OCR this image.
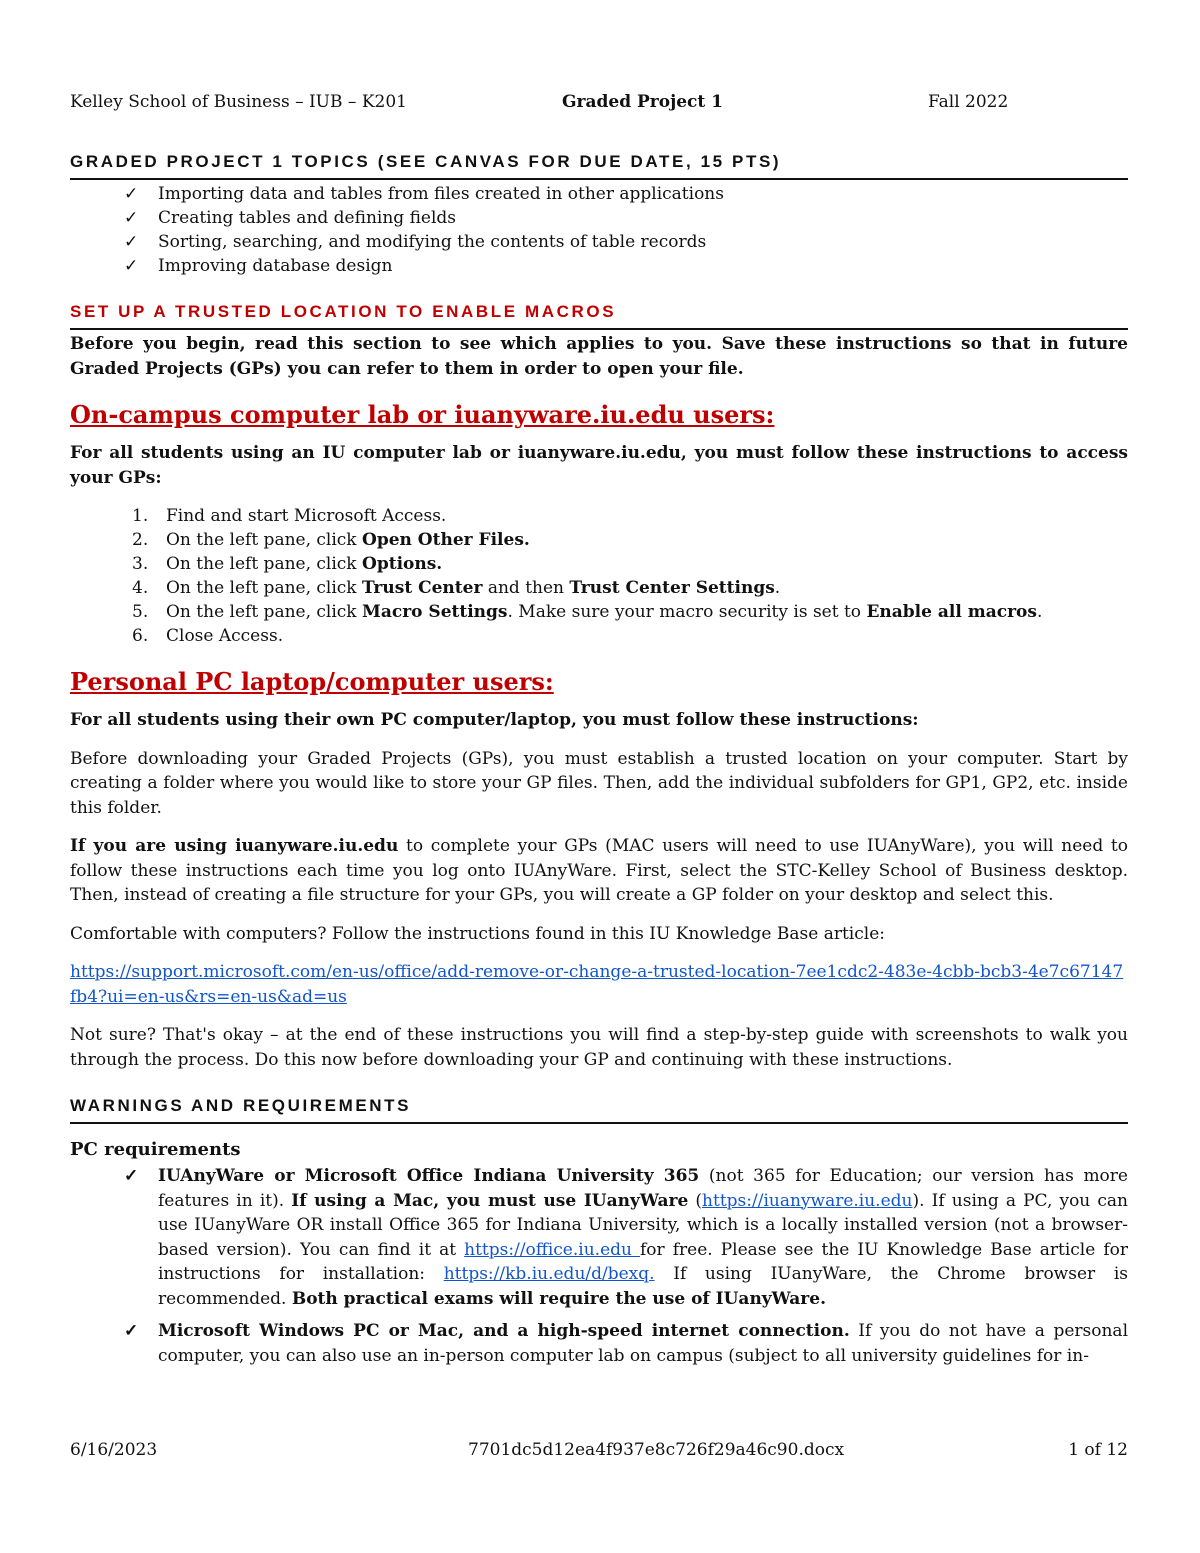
Kelley School of Business – IUB – K201	Graded Project 1	Fall 2022
GRADED PROJECT 1 TOPICS (SEE CANVAS FOR DUE DATE, 15 PTS)
✓ Importing data and tables from files created in other applications
✓ Creating tables and defining fields
✓ Sorting, searching, and modifying the contents of table records
✓ Improving database design
SET UP A TRUSTED LOCATION TO ENABLE MACROS

Before you begin, read this section to see which applies to you. Save these instructions so that in future Graded Projects (GPs) you can refer to them in order to open your file.

On-campus computer lab or iuanyware.iu.edu users:

For all students using an IU computer lab or iuanyware.iu.edu, you must follow these instructions to access your GPs:

1. Find and start Microsoft Access.
2. On the left pane, click Open Other Files.
3. On the left pane, click Options.
4. On the left pane, click Trust Center and then Trust Center Settings.
5. On the left pane, click Macro Settings. Make sure your macro security is set to Enable all macros.
6. Close Access.

Personal PC laptop/computer users:

For all students using their own PC computer/laptop, you must follow these instructions:

Before downloading your Graded Projects (GPs), you must establish a trusted location on your computer. Start by creating a folder where you would like to store your GP files. Then, add the individual subfolders for GP1, GP2, etc. inside this folder.

If you are using iuanyware.iu.edu to complete your GPs (MAC users will need to use IUAnyWare), you will need to follow these instructions each time you log onto IUAnyWare. First, select the STC-Kelley School of Business desktop. Then, instead of creating a file structure for your GPs, you will create a GP folder on your desktop and select this.

Comfortable with computers? Follow the instructions found in this IU Knowledge Base article:

https://support.microsoft.com/en-us/office/add-remove-or-change-a-trusted-location-7ee1cdc2-483e-4cbb-bcb3-4e7c67147fb4?ui=en-us&rs=en-us&ad=us

Not sure? That's okay – at the end of these instructions you will find a step-by-step guide with screenshots to walk you through the process. Do this now before downloading your GP and continuing with these instructions.

WARNINGS AND REQUIREMENTS

PC requirements

✓ IUAnyWare or Microsoft Office Indiana University 365 (not 365 for Education; our version has more features in it). If using a Mac, you must use IUanyWare (https://iuanyware.iu.edu). If using a PC, you can use IUanyWare OR install Office 365 for Indiana University, which is a locally installed version (not a browser-based version). You can find it at https://office.iu.edu for free. Please see the IU Knowledge Base article for instructions for installation: https://kb.iu.edu/d/bexq. If using IUanyWare, the Chrome browser is recommended. Both practical exams will require the use of IUanyWare.
✓ Microsoft Windows PC or Mac, and a high-speed internet connection. If you do not have a personal computer, you can also use an in-person computer lab on campus (subject to all university guidelines for in-
6/16/2023	7701dc5d12ea4f937e8c726f29a46c90.docx	1 of 12
